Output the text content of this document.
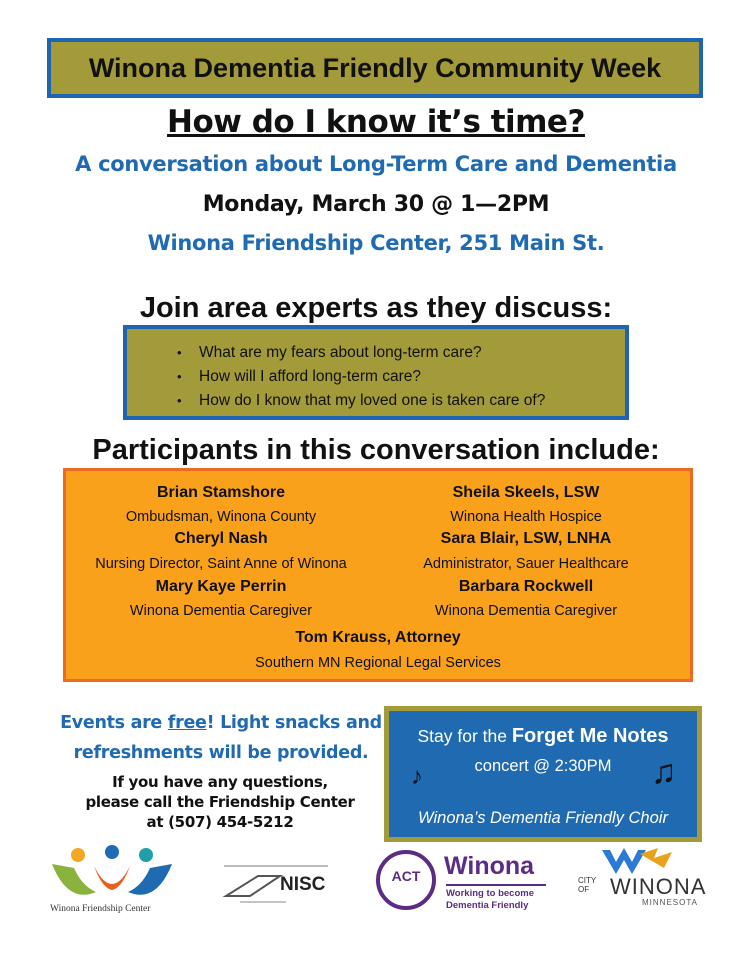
Winona Dementia Friendly Community Week
How do I know it’s time?
A conversation about Long-Term Care and Dementia
Monday, March 30 @ 1—2PM
Winona Friendship Center, 251 Main St.
Join area experts as they discuss:
• What are my fears about long-term care?
• How will I afford long-term care?
• How do I know that my loved one is taken care of?
Participants in this conversation include:
Brian Stamshore
Ombudsman, Winona County
Sheila Skeels, LSW
Winona Health Hospice
Cheryl Nash
Nursing Director, Saint Anne of Winona
Sara Blair, LSW, LNHA
Administrator, Sauer Healthcare
Mary Kaye Perrin
Winona Dementia Caregiver
Barbara Rockwell
Winona Dementia Caregiver
Tom Krauss, Attorney
Southern MN Regional Legal Services
Events are free! Light snacks and
refreshments will be provided.
If you have any questions,
please call the Friendship Center
at (507) 454-5212
Stay for the Forget Me Notes
concert @ 2:30PM
♪	♫
Winona’s Dementia Friendly Choir
Winona Friendship Center
NISC	ACT Winona
Working to become
Dementia Friendly
CITY OF WINONA
MINNESOTA
